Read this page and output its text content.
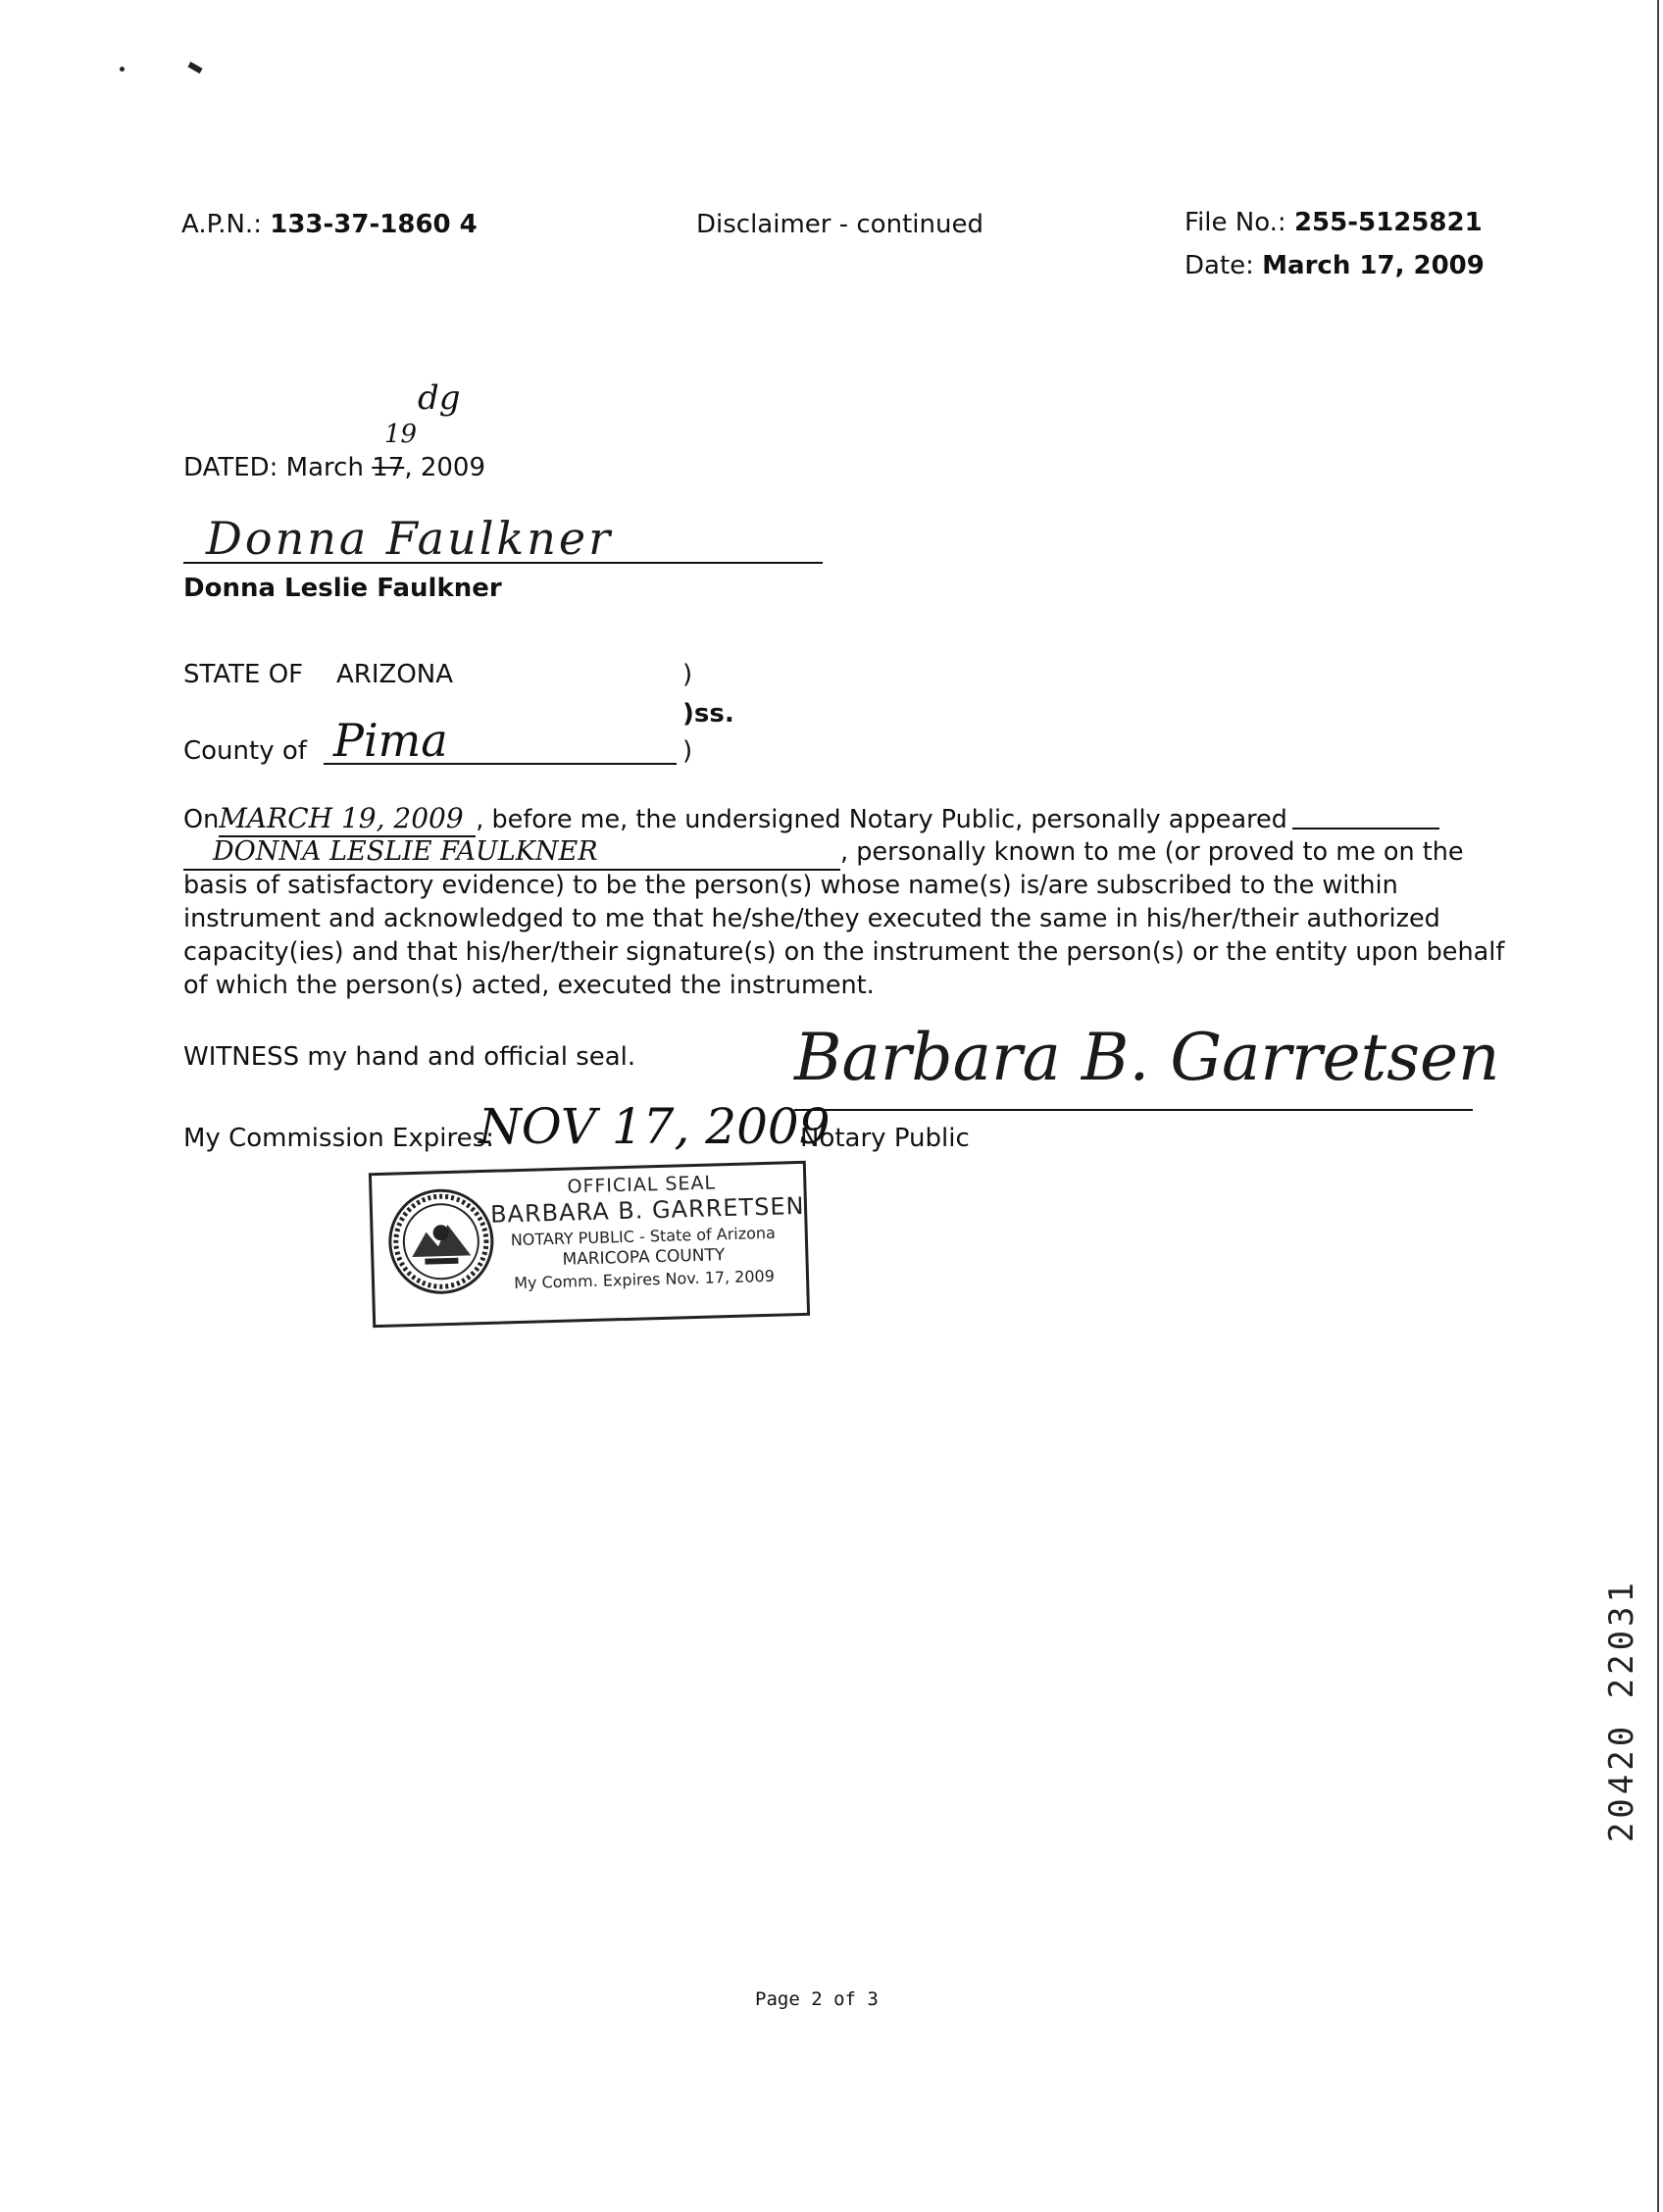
A.P.N.: 133-37-1860 4	Disclaimer - continued	File No.: 255-5125821
Date: March 17, 2009
dg
19
DATED: March 17, 2009
Donna Faulkner
Donna Leslie Faulkner
STATE OF ARIZONA	)
)ss.
County of Pima	)
OnMARCH 19, 2009 , before me, the undersigned Notary Public, personally appeared
DONNA LESLIE FAULKNER	, personally known to me (or proved to me on the
basis of satisfactory evidence) to be the person(s) whose name(s) is/are subscribed to the within
instrument and acknowledged to me that he/she/they executed the same in his/her/their authorized
capacity(ies) and that his/her/their signature(s) on the instrument the person(s) or the entity upon behalf
of which the person(s) acted, executed the instrument.
WITNESS my hand and official seal. Barbara B. Garretsen
My Commission Expires:
NOV 17, 2009
Notary Public
OFFICIAL SEAL
BARBARA B. GARRETSEN
NOTARY PUBLIC - State of Arizona
MARICOPA COUNTY
My Comm. Expires Nov. 17, 2009
20420 22031
Page 2 of 3
